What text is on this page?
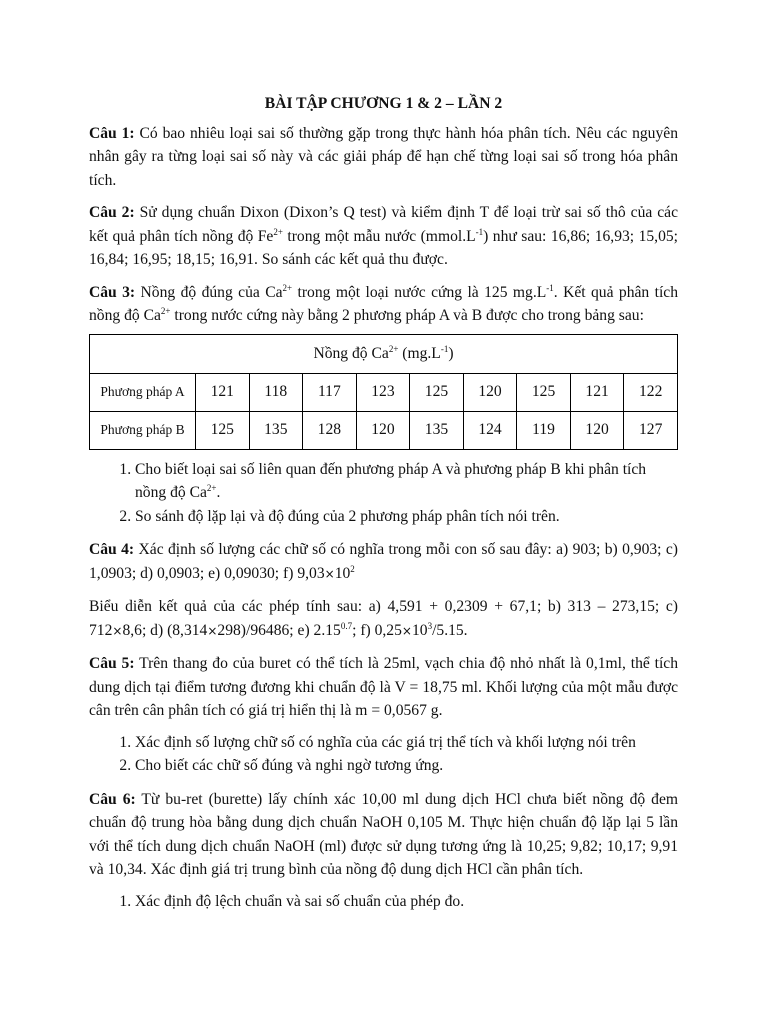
BÀI TẬP CHƯƠNG 1 & 2 – LẦN 2

Câu 1: Có bao nhiêu loại sai số thường gặp trong thực hành hóa phân tích. Nêu các nguyên nhân gây ra từng loại sai số này và các giải pháp để hạn chế từng loại sai số trong hóa phân tích.

Câu 2: Sử dụng chuẩn Dixon (Dixon’s Q test) và kiểm định T để loại trừ sai số thô của các kết quả phân tích nồng độ $Fe^{2+}$ trong một mẫu nước $(mmol.L^{-1})$ như sau: 16,86; 16,93; 15,05; 16,84; 16,95; 18,15; 16,91. So sánh các kết quả thu được.

Câu 3: Nồng độ đúng của $Ca^{2+}$ trong một loại nước cứng là 125 $mg.L^{-1}$. Kết quả phân tích nồng độ $Ca^{2+}$ trong nước cứng này bằng 2 phương pháp A và B được cho trong bảng sau:

Nồng độ $Ca^{2+}$ $(mg.L^{-1})$									
Phương pháp A	121	118	117	123	125	120	125	121	122
Phương pháp B	125	135	128	120	135	124	119	120	127
1. Cho biết loại sai số liên quan đến phương pháp A và phương pháp B khi phân tích nồng độ $Ca^{2+}$.
2. So sánh độ lặp lại và độ đúng của 2 phương pháp phân tích nói trên.

Câu 4: Xác định số lượng các chữ số có nghĩa trong mỗi con số sau đây: a) 903; b) 0,903; c) 1,0903; d) 0,0903; e) 0,09030; f) $9,03\times 10^2$

Biểu diễn kết quả của các phép tính sau: a) 4,591 + 0,2309 + 67,1; b) 313 – 273,15; c) 712×8,6; d) (8,314×298)/96486; e) $2.15^{0.7}$; f) $0,25\times 10^3/5.15$.

Câu 5: Trên thang đo của buret có thể tích là 25ml, vạch chia độ nhỏ nhất là 0,1ml, thể tích dung dịch tại điểm tương đương khi chuẩn độ là V = 18,75 ml. Khối lượng của một mẫu được cân trên cân phân tích có giá trị hiển thị là m = 0,0567 g.

1. Xác định số lượng chữ số có nghĩa của các giá trị thể tích và khối lượng nói trên
2. Cho biết các chữ số đúng và nghi ngờ tương ứng.

Câu 6: Từ bu-ret (burette) lấy chính xác 10,00 ml dung dịch HCl chưa biết nồng độ đem chuẩn độ trung hòa bằng dung dịch chuẩn NaOH 0,105 M. Thực hiện chuẩn độ lặp lại 5 lần với thể tích dung dịch chuẩn NaOH (ml) được sử dụng tương ứng là 10,25; 9,82; 10,17; 9,91 và 10,34. Xác định giá trị trung bình của nồng độ dung dịch HCl cần phân tích.

1. Xác định độ lệch chuẩn và sai số chuẩn của phép đo.
